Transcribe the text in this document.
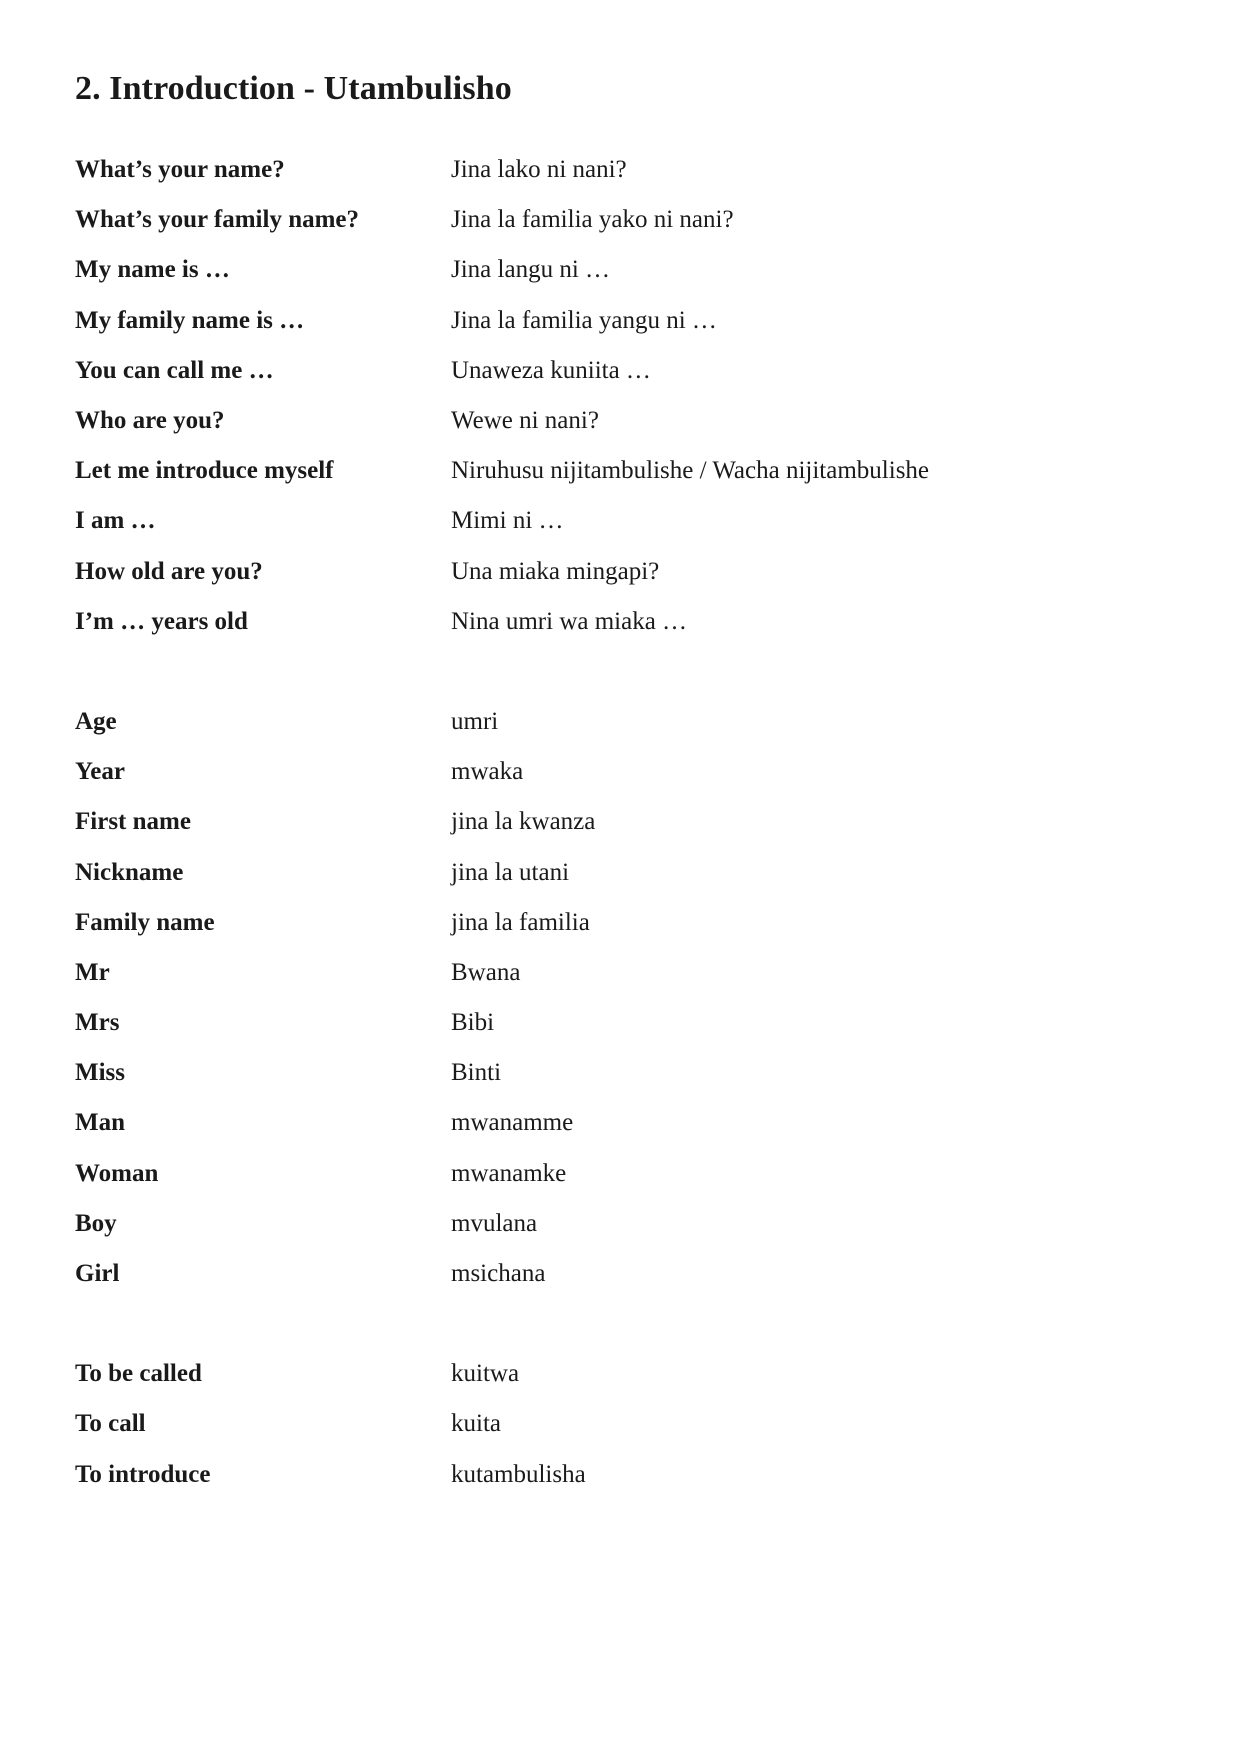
2. Introduction - Utambulisho
What’s your name?	Jina lako ni nani?
What’s your family name?	Jina la familia yako ni nani?
My name is …	Jina langu ni …
My family name is …	Jina la familia yangu ni …
You can call me …	Unaweza kuniita …
Who are you?	Wewe ni nani?
Let me introduce myself	Niruhusu nijitambulishe / Wacha nijitambulishe
I am …	Mimi ni …
How old are you?	Una miaka mingapi?
I’m … years old	Nina umri wa miaka …
Age	umri
Year	mwaka
First name	jina la kwanza
Nickname	jina la utani
Family name	jina la familia
Mr	Bwana
Mrs	Bibi
Miss	Binti
Man	mwanamme
Woman	mwanamke
Boy	mvulana
Girl	msichana
To be called	kuitwa
To call	kuita
To introduce	kutambulisha
